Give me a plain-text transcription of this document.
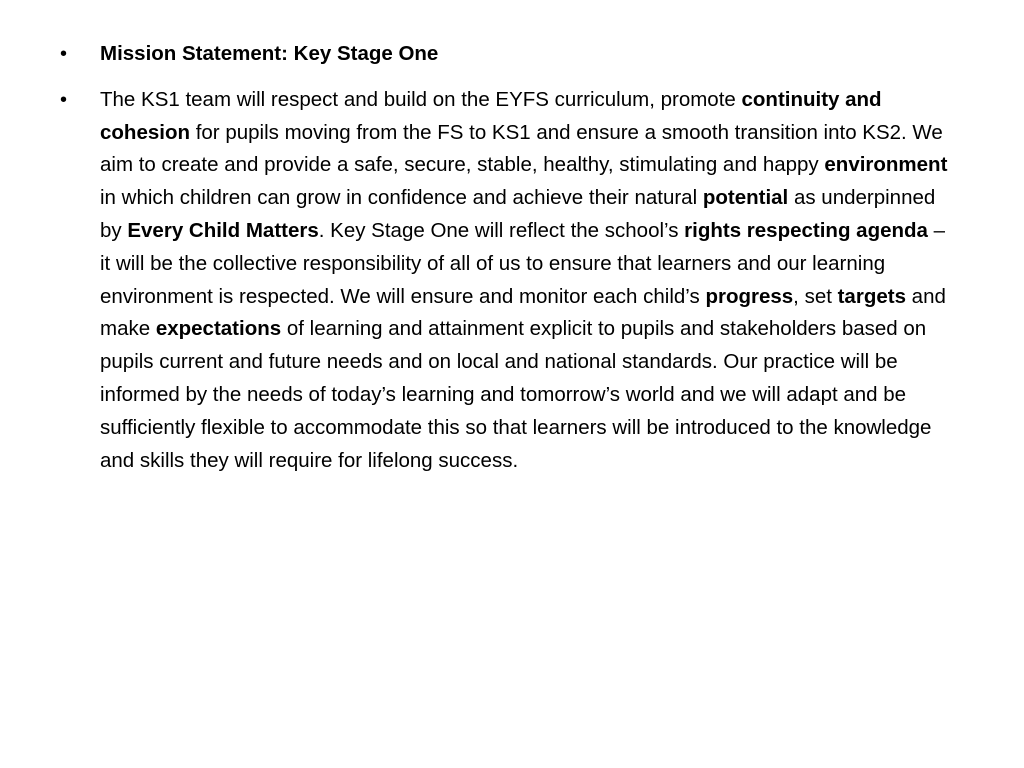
•	Mission Statement: Key Stage One
•	The KS1 team will respect and build on the EYFS curriculum, promote continuity and cohesion for pupils moving from the FS to KS1 and ensure a smooth transition into KS2. We aim to create and provide a safe, secure, stable, healthy, stimulating and happy environment in which children can grow in confidence and achieve their natural potential as underpinned by Every Child Matters. Key Stage One will reflect the school’s rights respecting agenda – it will be the collective responsibility of all of us to ensure that learners and our learning environment is respected. We will ensure and monitor each child’s progress, set targets and make expectations of learning and attainment explicit to pupils and stakeholders based on pupils current and future needs and on local and national standards. Our practice will be informed by the needs of today’s learning and tomorrow’s world and we will adapt and be sufficiently flexible to accommodate this so that learners will be introduced to the knowledge and skills they will require for lifelong success.
